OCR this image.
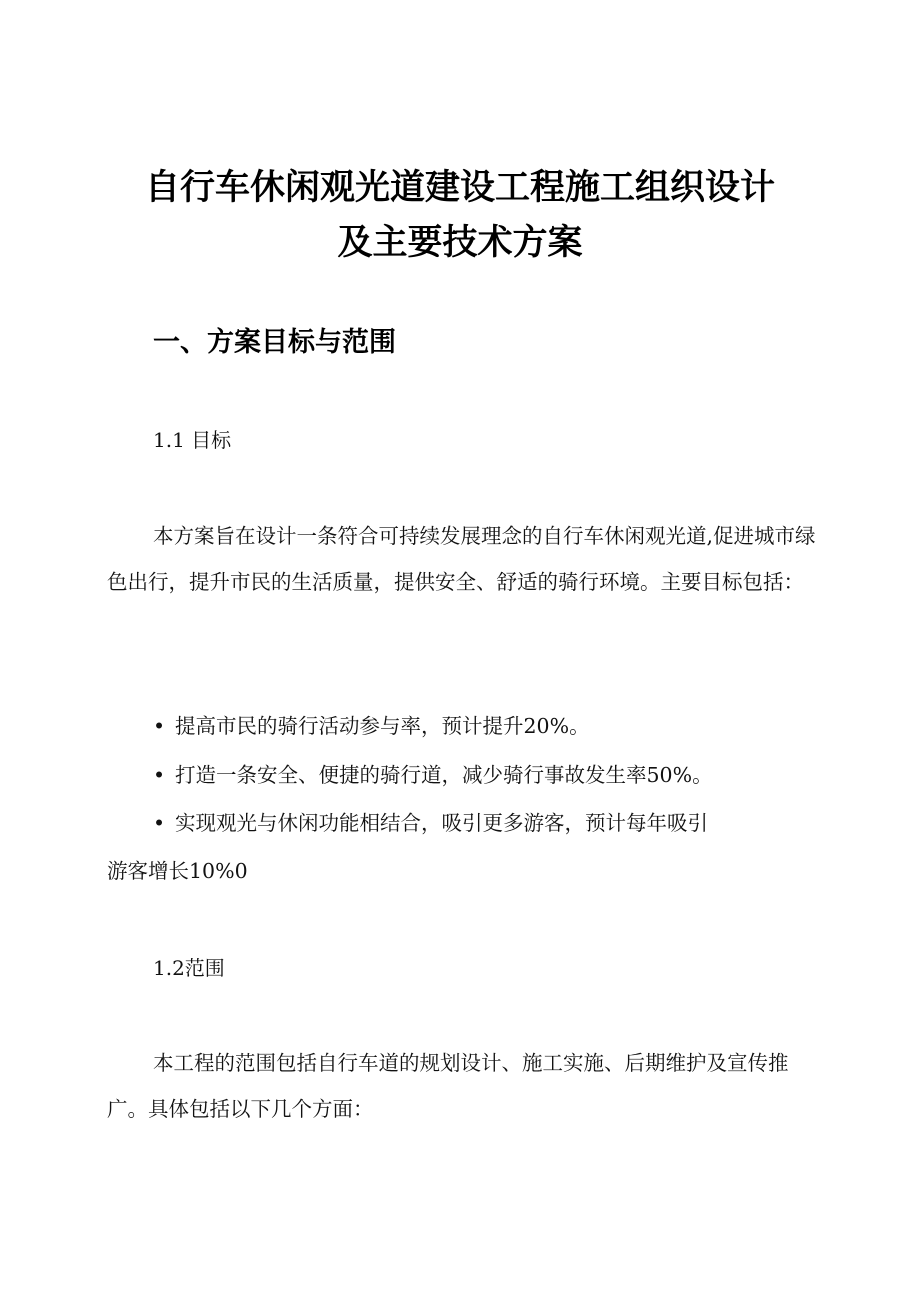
自行车休闲观光道建设工程施工组织设计
及主要技术方案
一、方案目标与范围
1.1 目标
本方案旨在设计一条符合可持续发展理念的自行车休闲观光道,促进城市绿色出行，提升市民的生活质量，提供安全、舒适的骑行环境。主要目标包括：
• 提高市民的骑行活动参与率，预计提升20%。
• 打造一条安全、便捷的骑行道，减少骑行事故发生率50%。
• 实现观光与休闲功能相结合，吸引更多游客，预计每年吸引
游客增长10%0
1.2范围
本工程的范围包括自行车道的规划设计、施工实施、后期维护及宣传推广。具体包括以下几个方面：
